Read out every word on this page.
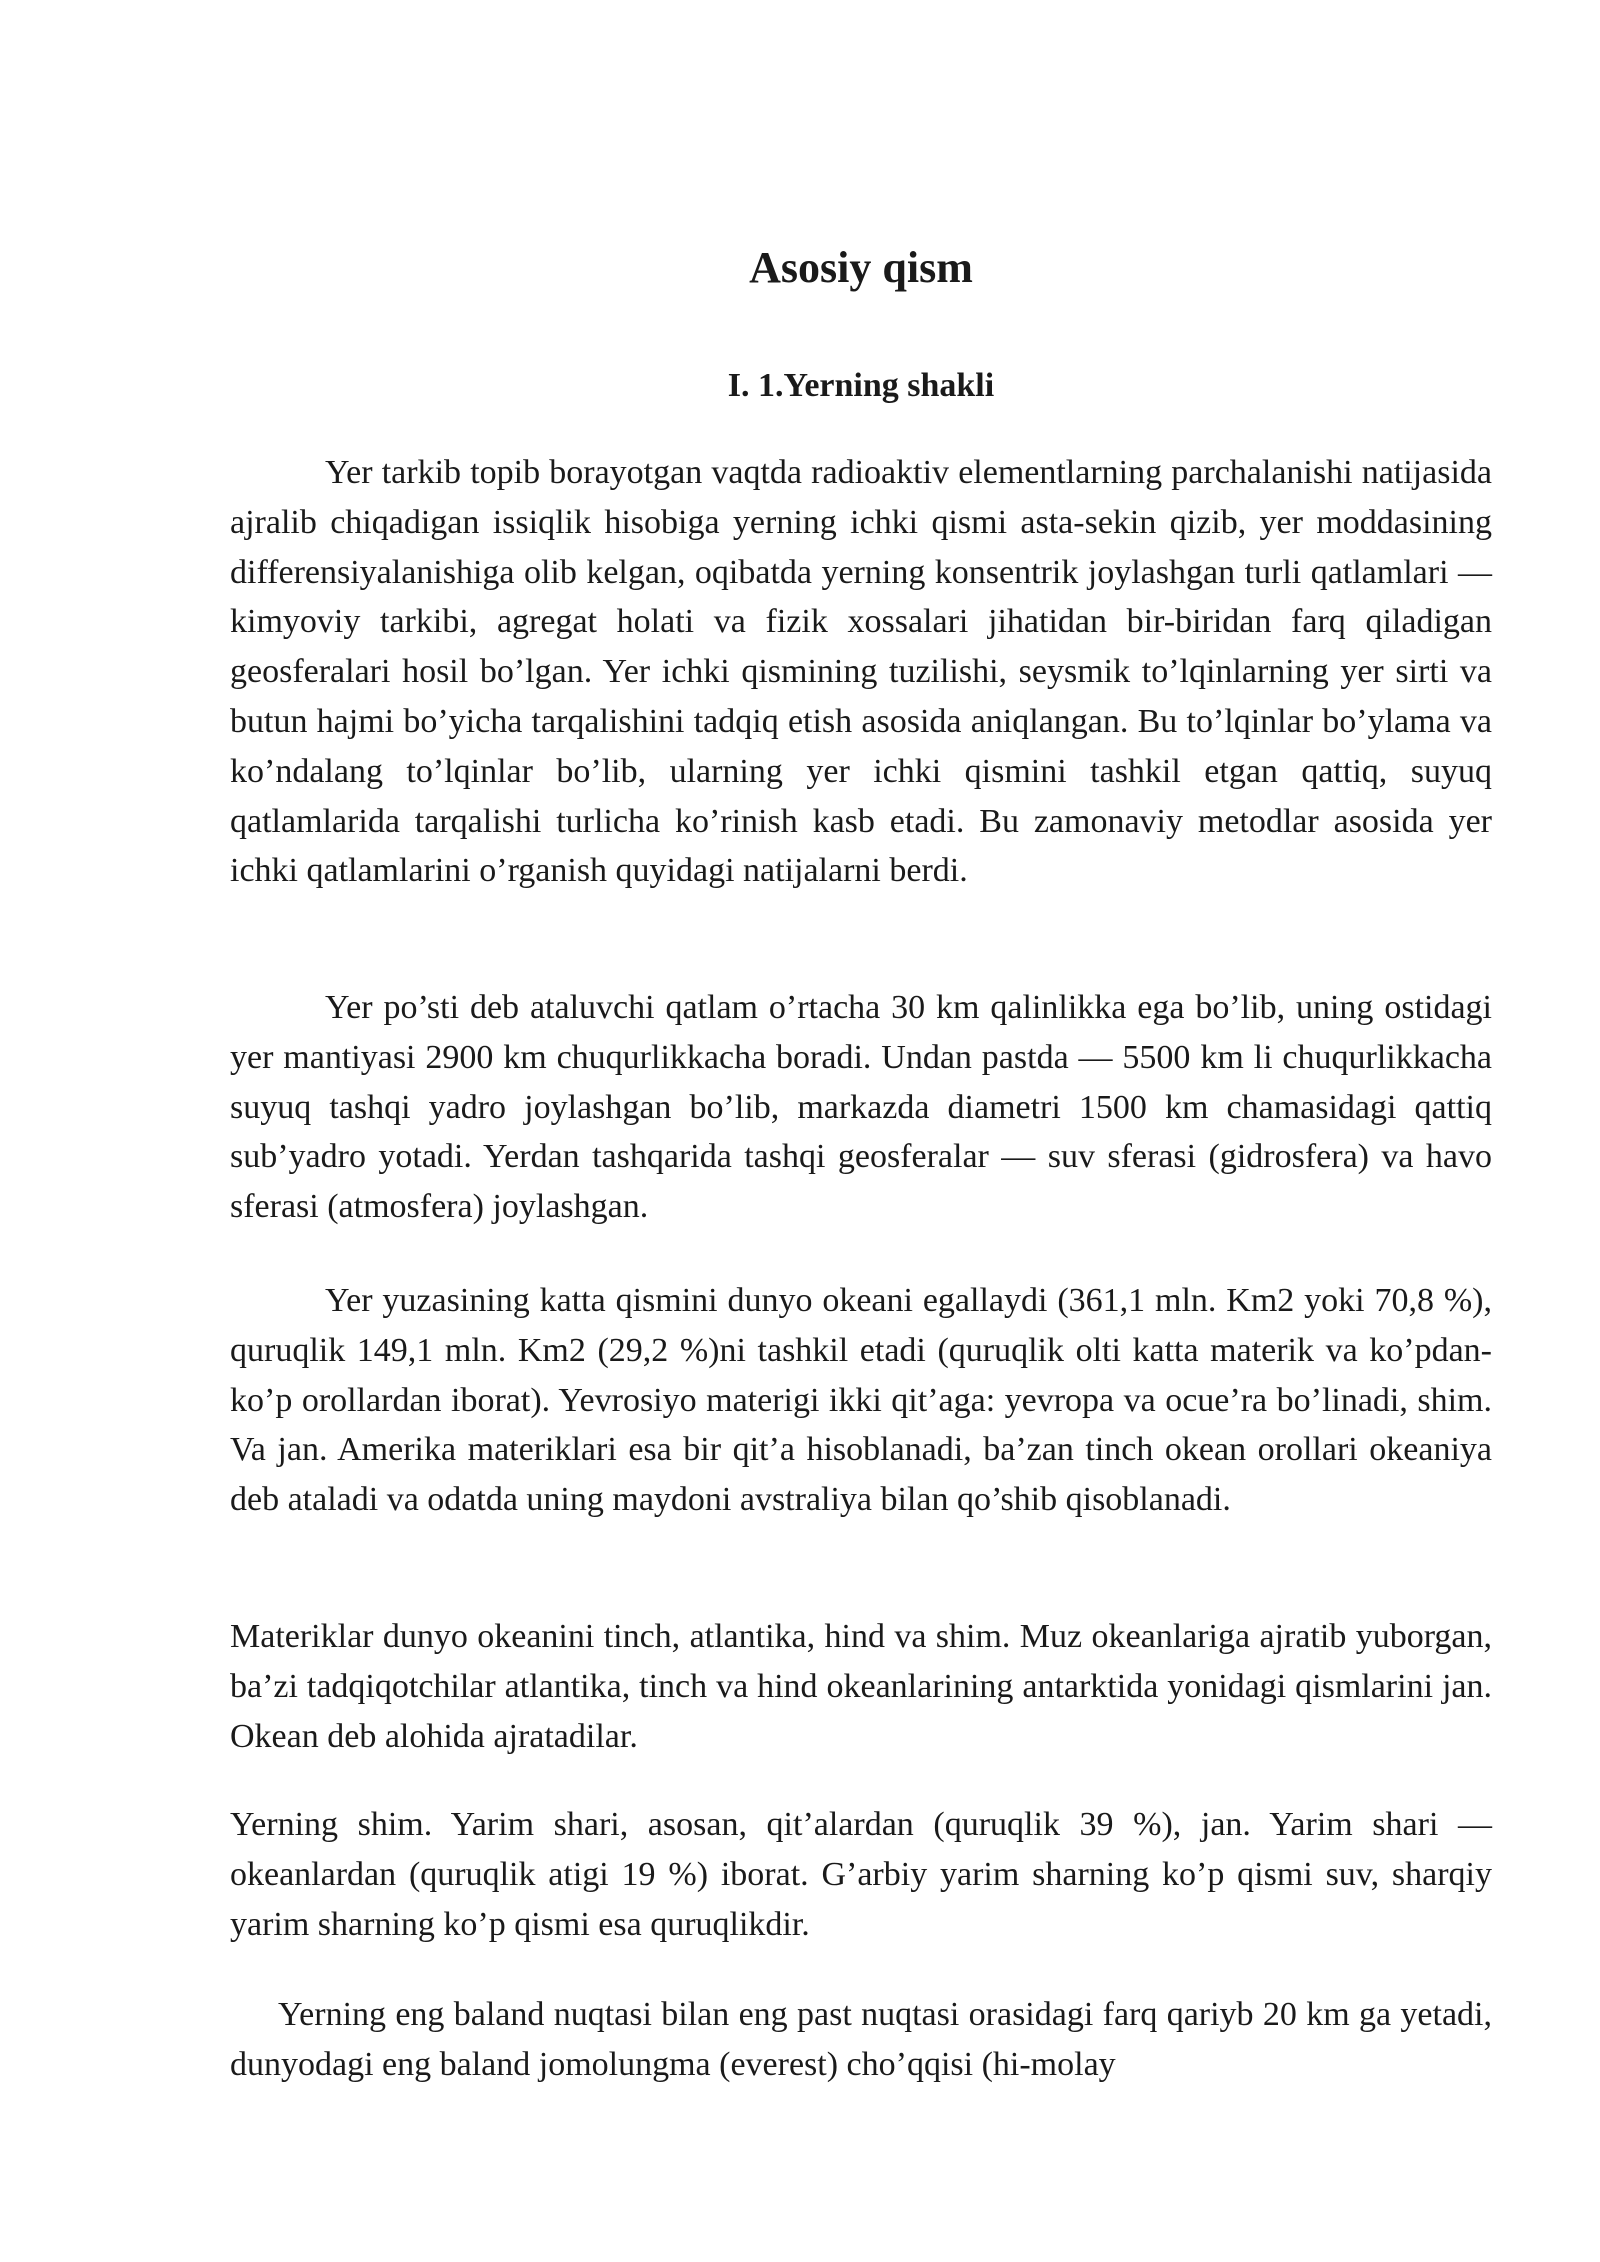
Asosiy qism
I. 1.Yerning shakli

Yer tarkib topib borayotgan vaqtda radioaktiv elementlarning parchalanishi natijasida ajralib chiqadigan issiqlik hisobiga yerning ichki qismi asta-sekin qizib, yer moddasining differensiyalanishiga olib kelgan, oqibatda yerning konsentrik joylashgan turli qatlamlari — kimyoviy tarkibi, agregat holati va fizik xossalari jihatidan bir-biridan farq qiladigan geosferalari hosil bo’lgan. Yer ichki qismining tuzilishi, seysmik to’lqinlarning yer sirti va butun hajmi bo’yicha tarqalishini tadqiq etish asosida aniqlangan. Bu to’lqinlar bo’ylama va ko’ndalang to’lqinlar bo’lib, ularning yer ichki qismini tashkil etgan qattiq, suyuq qatlamlarida tarqalishi turlicha ko’rinish kasb etadi. Bu zamonaviy metodlar asosida yer ichki qatlamlarini o’rganish quyidagi natijalarni berdi.

Yer po’sti deb ataluvchi qatlam o’rtacha 30 km qalinlikka ega bo’lib, uning ostidagi yer mantiyasi 2900 km chuqurlikkacha boradi. Undan pastda — 5500 km li chuqurlikkacha suyuq tashqi yadro joylashgan bo’lib, markazda diametri 1500 km chamasidagi qattiq sub’yadro yotadi. Yerdan tashqarida tashqi geosferalar — suv sferasi (gidrosfera) va havo sferasi (atmosfera) joylashgan.

Yer yuzasining katta qismini dunyo okeani egallaydi (361,1 mln. Km2 yoki 70,8 %), quruqlik 149,1 mln. Km2 (29,2 %)ni tashkil etadi (quruqlik olti katta materik va ko’pdan-ko’p orollardan iborat). Yevrosiyo materigi ikki qit’aga: yevropa va ocue’ra bo’linadi, shim. Va jan. Amerika materiklari esa bir qit’a hisoblanadi, ba’zan tinch okean orollari okeaniya deb ataladi va odatda uning maydoni avstraliya bilan qo’shib qisoblanadi.

Materiklar dunyo okeanini tinch, atlantika, hind va shim. Muz okeanlariga ajratib yuborgan, ba’zi tadqiqotchilar atlantika, tinch va hind okeanlarining antarktida yonidagi qismlarini jan. Okean deb alohida ajratadilar.

Yerning shim. Yarim shari, asosan, qit’alardan (quruqlik 39 %), jan. Yarim shari — okeanlardan (quruqlik atigi 19 %) iborat. G’arbiy yarim sharning ko’p qismi suv, sharqiy yarim sharning ko’p qismi esa quruqlikdir.

Yerning eng baland nuqtasi bilan eng past nuqtasi orasidagi farq qariyb 20 km ga yetadi, dunyodagi eng baland jomolungma (everest) cho’qqisi (hi-molay
